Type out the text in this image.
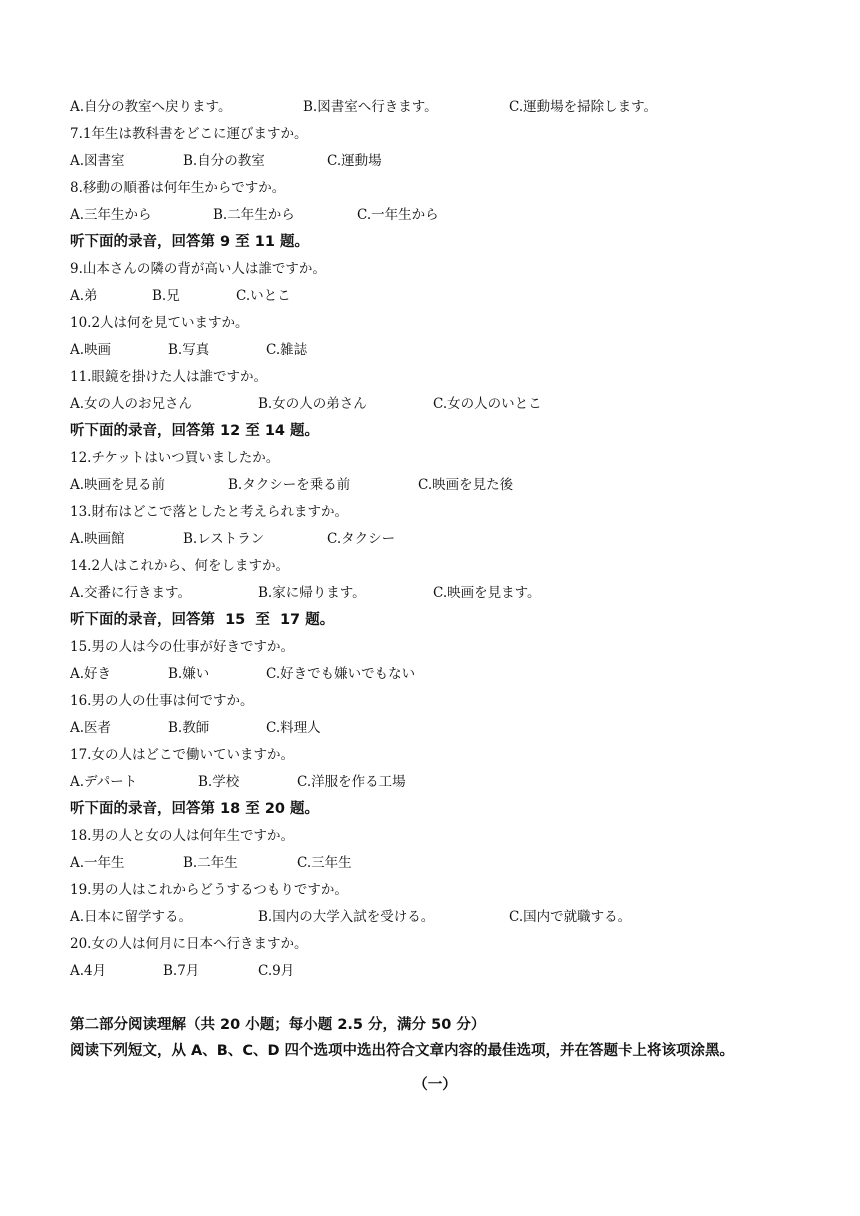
A.自分の教室へ戻ります。	B.図書室へ行きます。	C.運動場を掃除します。
7.1年生は教科書をどこに運びますか。
A.図書室	B.自分の教室	C.運動場
8.移動の順番は何年生からですか。
A.三年生から	B.二年生から	C.一年生から
听下面的录音，回答第 9 至 11 题。
9.山本さんの隣の背が高い人は誰ですか。
A.弟	B.兄	C.いとこ
10.2人は何を見ていますか。
A.映画	B.写真	C.雑誌
11.眼鏡を掛けた人は誰ですか。
A.女の人のお兄さん	B.女の人の弟さん	C.女の人のいとこ
听下面的录音，回答第 12 至 14 题。
12.チケットはいつ買いましたか。
A.映画を見る前	B.タクシーを乗る前	C.映画を見た後
13.財布はどこで落としたと考えられますか。
A.映画館	B.レストラン	C.タクシー
14.2人はこれから、何をしますか。
A.交番に行きます。	B.家に帰ります。	C.映画を見ます。
听下面的录音，回答第  15  至  17 题。
15.男の人は今の仕事が好きですか。
A.好き	B.嫌い	C.好きでも嫌いでもない
16.男の人の仕事は何ですか。
A.医者	B.教師	C.料理人
17.女の人はどこで働いていますか。
A.デパート	B.学校	C.洋服を作る工場
听下面的录音，回答第 18 至 20 题。
18.男の人と女の人は何年生ですか。
A.一年生	B.二年生	C.三年生
19.男の人はこれからどうするつもりですか。
A.日本に留学する。	B.国内の大学入試を受ける。	C.国内で就職する。
20.女の人は何月に日本へ行きますか。
A.4月	B.7月	C.9月
第二部分阅读理解（共 20 小题；每小题 2.5 分，满分 50 分）
阅读下列短文，从 A、B、C、D 四个选项中选出符合文章内容的最佳选项，并在答题卡上将该项涂黑。
（一）
